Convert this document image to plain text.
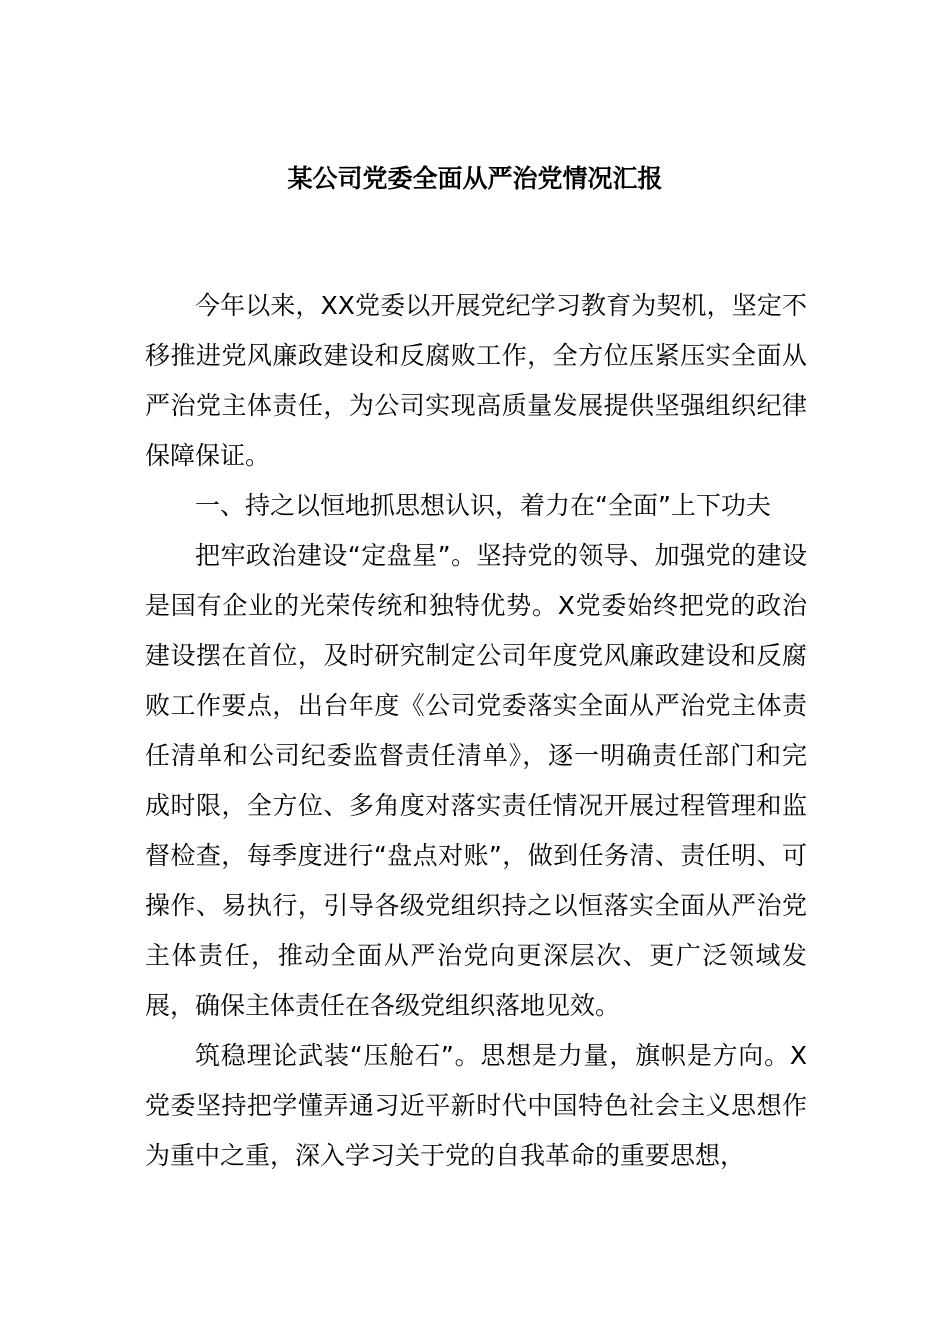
某公司党委全面从严治党情况汇报

今年以来，XX党委以开展党纪学习教育为契机，坚定不移推进党风廉政建设和反腐败工作，全方位压紧压实全面从严治党主体责任，为公司实现高质量发展提供坚强组织纪律保障保证。

一、持之以恒地抓思想认识，着力在“全面”上下功夫

把牢政治建设“定盘星”。坚持党的领导、加强党的建设是国有企业的光荣传统和独特优势。X党委始终把党的政治建设摆在首位，及时研究制定公司年度党风廉政建设和反腐败工作要点，出台年度《公司党委落实全面从严治党主体责任清单和公司纪委监督责任清单》，逐一明确责任部门和完成时限，全方位、多角度对落实责任情况开展过程管理和监督检查，每季度进行“盘点对账”，做到任务清、责任明、可操作、易执行，引导各级党组织持之以恒落实全面从严治党主体责任，推动全面从严治党向更深层次、更广泛领域发展，确保主体责任在各级党组织落地见效。

筑稳理论武装“压舱石”。思想是力量，旗帜是方向。X党委坚持把学懂弄通习近平新时代中国特色社会主义思想作为重中之重，深入学习关于党的自我革命的重要思想，
